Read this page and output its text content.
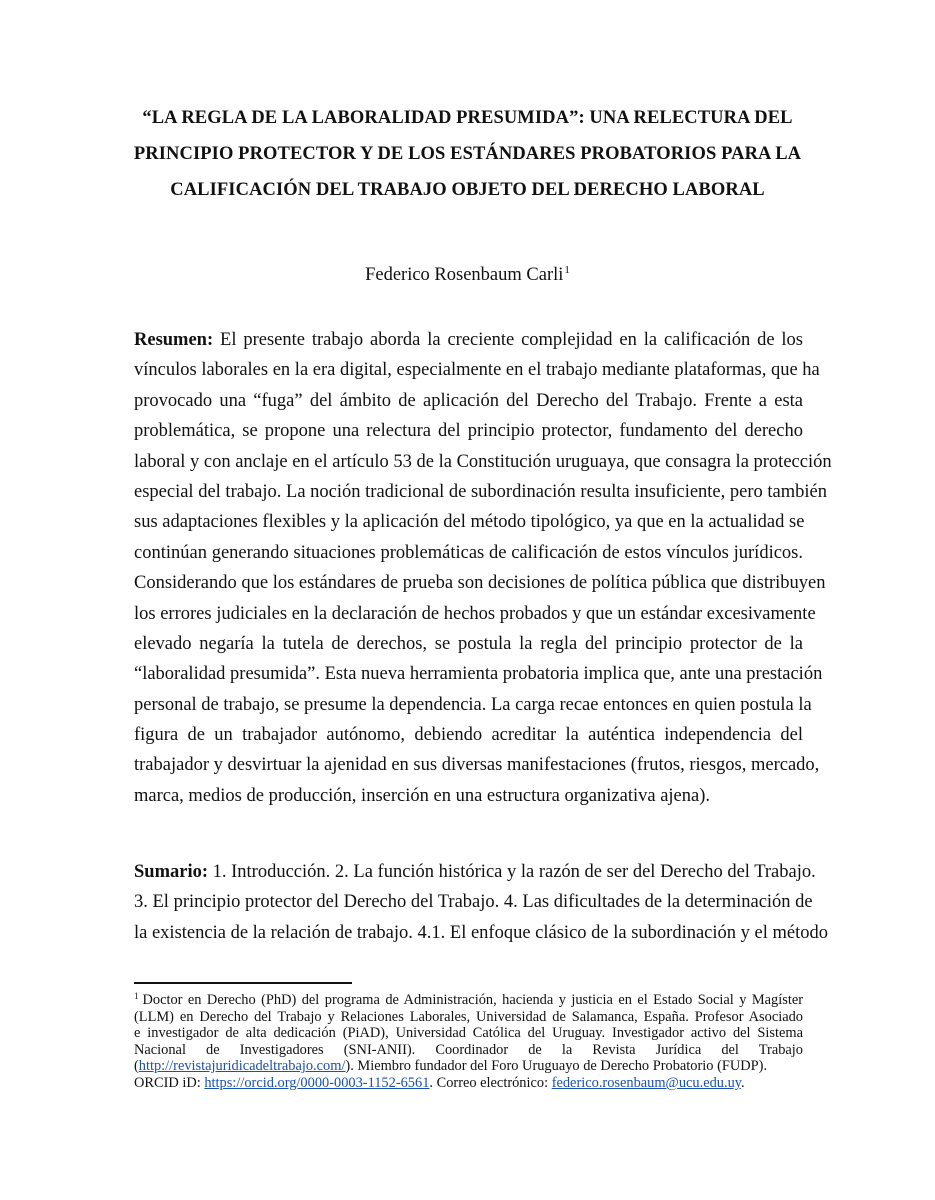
“LA REGLA DE LA LABORALIDAD PRESUMIDA”: UNA RELECTURA DEL
PRINCIPIO PROTECTOR Y DE LOS ESTÁNDARES PROBATORIOS PARA LA
CALIFICACIÓN DEL TRABAJO OBJETO DEL DERECHO LABORAL

Federico Rosenbaum Carli$^1$

Resumen: El presente trabajo aborda la creciente complejidad en la calificación de los
vínculos laborales en la era digital, especialmente en el trabajo mediante plataformas, que ha
provocado una “fuga” del ámbito de aplicación del Derecho del Trabajo. Frente a esta
problemática, se propone una relectura del principio protector, fundamento del derecho
laboral y con anclaje en el artículo 53 de la Constitución uruguaya, que consagra la protección
especial del trabajo. La noción tradicional de subordinación resulta insuficiente, pero también
sus adaptaciones flexibles y la aplicación del método tipológico, ya que en la actualidad se
continúan generando situaciones problemáticas de calificación de estos vínculos jurídicos.
Considerando que los estándares de prueba son decisiones de política pública que distribuyen
los errores judiciales en la declaración de hechos probados y que un estándar excesivamente
elevado negaría la tutela de derechos, se postula la regla del principio protector de la
“laboralidad presumida”. Esta nueva herramienta probatoria implica que, ante una prestación
personal de trabajo, se presume la dependencia. La carga recae entonces en quien postula la
figura de un trabajador autónomo, debiendo acreditar la auténtica independencia del
trabajador y desvirtuar la ajenidad en sus diversas manifestaciones (frutos, riesgos, mercado,
marca, medios de producción, inserción en una estructura organizativa ajena).
Sumario: 1. Introducción. 2. La función histórica y la razón de ser del Derecho del Trabajo.
3. El principio protector del Derecho del Trabajo. 4. Las dificultades de la determinación de
la existencia de la relación de trabajo. 4.1. El enfoque clásico de la subordinación y el método
$^1$ Doctor en Derecho (PhD) del programa de Administración, hacienda y justicia en el Estado Social y Magíster
(LLM) en Derecho del Trabajo y Relaciones Laborales, Universidad de Salamanca, España. Profesor Asociado
e investigador de alta dedicación (PiAD), Universidad Católica del Uruguay. Investigador activo del Sistema
Nacional de Investigadores (SNI-ANII). Coordinador de la Revista Jurídica del Trabajo
(http://revistajuridicadeltrabajo.com/). Miembro fundador del Foro Uruguayo de Derecho Probatorio (FUDP).
ORCID iD: https://orcid.org/0000-0003-1152-6561. Correo electrónico: federico.rosenbaum@ucu.edu.uy.
